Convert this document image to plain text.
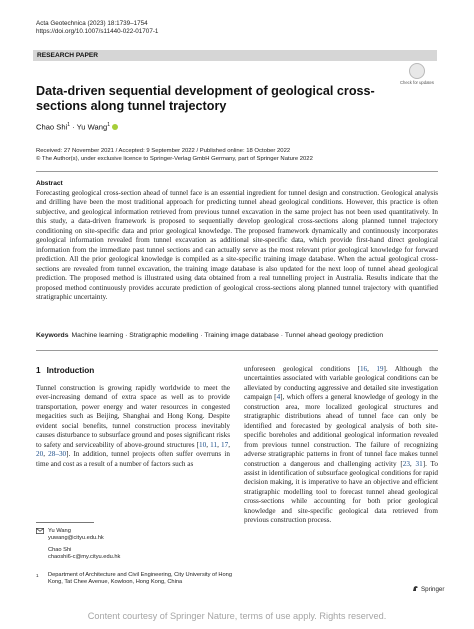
Acta Geotechnica (2023) 18:1739–1754
https://doi.org/10.1007/s11440-022-01707-1
RESEARCH PAPER
Check for updates
Data-driven sequential development of geological cross-sections along tunnel trajectory
Chao Shi$^1$ · Yu Wang$^1$
Received: 27 November 2021 / Accepted: 9 September 2022 / Published online: 18 October 2022
© The Author(s), under exclusive licence to Springer-Verlag GmbH Germany, part of Springer Nature 2022
Abstract

Forecasting geological cross-section ahead of tunnel face is an essential ingredient for tunnel design and construction. Geological analysis and drilling have been the most traditional approach for predicting tunnel ahead geological conditions. However, this practice is often subjective, and geological information retrieved from previous tunnel excavation in the same project has not been used quantitatively. In this study, a data-driven framework is proposed to sequentially develop geological cross-sections along planned tunnel trajectory conditioning on site-specific data and prior geological knowledge. The proposed framework dynamically and continuously incorporates geological information revealed from tunnel excavation as additional site-specific data, which provide first-hand direct geological information from the immediate past tunnel sections and can actually serve as the most relevant prior geological knowledge for forward prediction. All the prior geological knowledge is compiled as a site-specific training image database. When the actual geological cross-sections are revealed from tunnel excavation, the training image database is also updated for the next loop of tunnel ahead geological prediction. The proposed method is illustrated using data obtained from a real tunnelling project in Australia. Results indicate that the proposed method continuously provides accurate prediction of geological cross-sections along planned tunnel trajectory with quantified stratigraphic uncertainty.

Keywords Machine learning · Stratigraphic modelling · Training image database · Tunnel ahead geology prediction
1 Introduction

Tunnel construction is growing rapidly worldwide to meet the ever-increasing demand of extra space as well as to provide transportation, power energy and water resources in congested megacities such as Beijing, Shanghai and Hong Kong. Despite evident social benefits, tunnel construction process inevitably causes disturbance to subsurface ground and poses significant risks to safety and serviceability of above-ground structures [10, 11, 17, 20, 28–30]. In addition, tunnel projects often suffer overruns in time and cost as a result of a number of factors such as

unforeseen geological conditions [16, 19]. Although the uncertainties associated with variable geological conditions can be alleviated by conducting aggressive and detailed site investigation campaign [4], which offers a general knowledge of geology in the construction area, more localized geological structures and stratigraphic distributions ahead of tunnel face can only be identified and forecasted by geological analysis of both site-specific boreholes and additional geological information revealed from previous tunnel construction. The failure of recognizing adverse stratigraphic patterns in front of tunnel face makes tunnel construction a dangerous and challenging activity [23, 31]. To assist in identification of subsurface geological conditions for rapid decision making, it is imperative to have an objective and efficient stratigraphic modelling tool to forecast tunnel ahead geological cross-sections while accounting for both prior geological knowledge and site-specific geological data retrieved from previous construction process.

Yu Wang
yuwang@cityu.edu.hk
Chao Shi
chaoshi6-c@my.cityu.edu.hk
1	Department of Architecture and Civil Engineering, City University of Hong Kong, Tat Chee Avenue, Kowloon, Hong Kong, China
Springer
Content courtesy of Springer Nature, terms of use apply. Rights reserved.
